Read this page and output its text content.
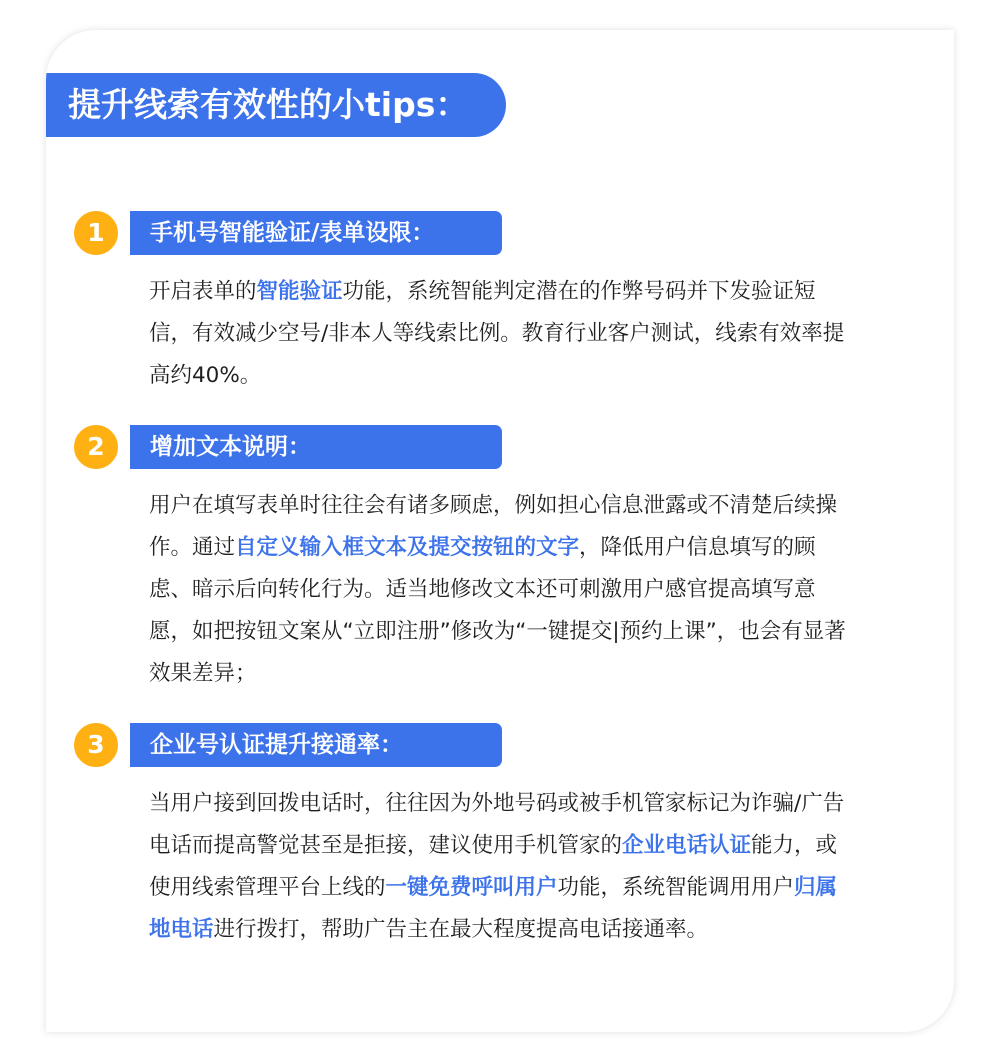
提升线索有效性的小tips：
1	手机号智能验证/表单设限：
开启表单的智能验证功能，系统智能判定潜在的作弊号码并下发验证短信，有效减少空号/非本人等线索比例。教育行业客户测试，线索有效率提高约40%。
2	增加文本说明：
用户在填写表单时往往会有诸多顾虑，例如担心信息泄露或不清楚后续操作。通过自定义输入框文本及提交按钮的文字，降低用户信息填写的顾虑、暗示后向转化行为。适当地修改文本还可刺激用户感官提高填写意愿，如把按钮文案从“立即注册”修改为“一键提交|预约上课”，也会有显著效果差异；
3	企业号认证提升接通率：
当用户接到回拨电话时，往往因为外地号码或被手机管家标记为诈骗/广告电话而提高警觉甚至是拒接，建议使用手机管家的企业电话认证能力，或使用线索管理平台上线的一键免费呼叫用户功能，系统智能调用用户归属地电话进行拨打，帮助广告主在最大程度提高电话接通率。
